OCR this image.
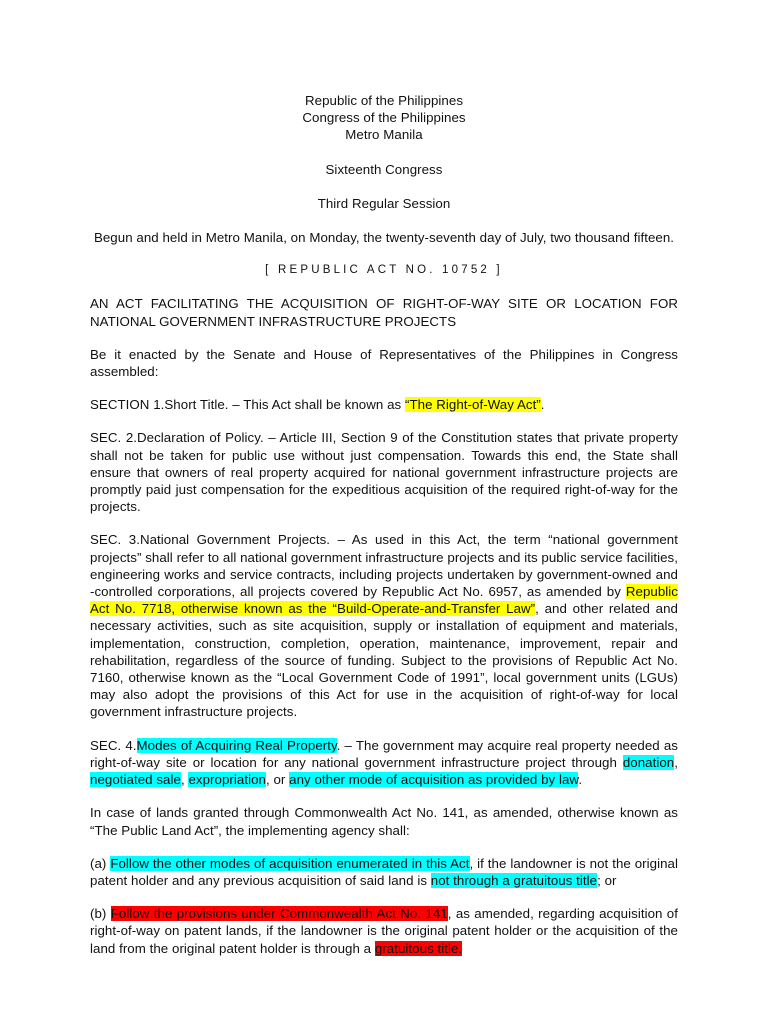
Republic of the Philippines

Congress of the Philippines

Metro Manila

Sixteenth Congress

Third Regular Session

Begun and held in Metro Manila, on Monday, the twenty-seventh day of July, two thousand fifteen.

[ REPUBLIC ACT NO. 10752 ]

AN ACT FACILITATING THE ACQUISITION OF RIGHT-OF-WAY SITE OR LOCATION FOR NATIONAL GOVERNMENT INFRASTRUCTURE PROJECTS

Be it enacted by the Senate and House of Representatives of the Philippines in Congress assembled:

SECTION 1.Short Title. – This Act shall be known as “The Right-of-Way Act”.

SEC. 2.Declaration of Policy. – Article III, Section 9 of the Constitution states that private property shall not be taken for public use without just compensation. Towards this end, the State shall ensure that owners of real property acquired for national government infrastructure projects are promptly paid just compensation for the expeditious acquisition of the required right-of-way for the projects.

SEC. 3.National Government Projects. – As used in this Act, the term “national government projects” shall refer to all national government infrastructure projects and its public service facilities, engineering works and service contracts, including projects undertaken by government-owned and -controlled corporations, all projects covered by Republic Act No. 6957, as amended by Republic Act No. 7718, otherwise known as the “Build-Operate-and-Transfer Law”, and other related and necessary activities, such as site acquisition, supply or installation of equipment and materials, implementation, construction, completion, operation, maintenance, improvement, repair and rehabilitation, regardless of the source of funding. Subject to the provisions of Republic Act No. 7160, otherwise known as the “Local Government Code of 1991”, local government units (LGUs) may also adopt the provisions of this Act for use in the acquisition of right-of-way for local government infrastructure projects.

SEC. 4.Modes of Acquiring Real Property. – The government may acquire real property needed as right-of-way site or location for any national government infrastructure project through donation, negotiated sale, expropriation, or any other mode of acquisition as provided by law.

In case of lands granted through Commonwealth Act No. 141, as amended, otherwise known as “The Public Land Act”, the implementing agency shall:

(a) Follow the other modes of acquisition enumerated in this Act, if the landowner is not the original patent holder and any previous acquisition of said land is not through a gratuitous title; or

(b) Follow the provisions under Commonwealth Act No. 141, as amended, regarding acquisition of right-of-way on patent lands, if the landowner is the original patent holder or the acquisition of the land from the original patent holder is through a gratuitous title.
